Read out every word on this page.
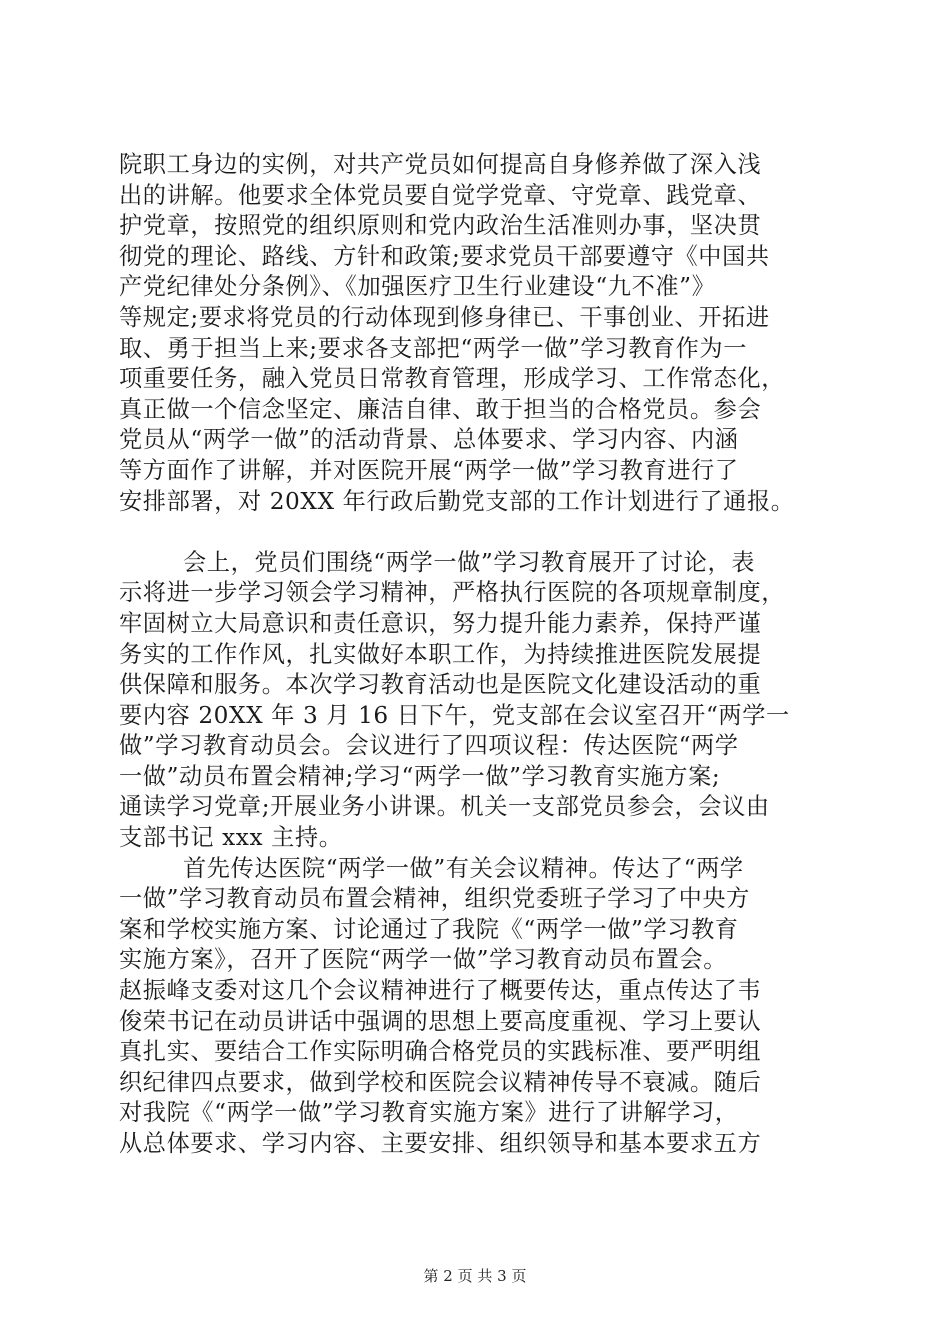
院职工身边的实例，对共产党员如何提高自身修养做了深入浅
出的讲解。他要求全体党员要自觉学党章、守党章、践党章、
护党章，按照党的组织原则和党内政治生活准则办事，坚决贯
彻党的理论、路线、方针和政策;要求党员干部要遵守《中国共
产党纪律处分条例》、《加强医疗卫生行业建设“九不准”》
等规定;要求将党员的行动体现到修身律已、干事创业、开拓进
取、勇于担当上来;要求各支部把“两学一做”学习教育作为一
项重要任务，融入党员日常教育管理，形成学习、工作常态化，
真正做一个信念坚定、廉洁自律、敢于担当的合格党员。参会
党员从“两学一做”的活动背景、总体要求、学习内容、内涵
等方面作了讲解，并对医院开展“两学一做”学习教育进行了
安排部署，对 20XX 年行政后勤党支部的工作计划进行了通报。
会上，党员们围绕“两学一做”学习教育展开了讨论，表
示将进一步学习领会学习精神，严格执行医院的各项规章制度，
牢固树立大局意识和责任意识，努力提升能力素养，保持严谨
务实的工作作风，扎实做好本职工作，为持续推进医院发展提
供保障和服务。本次学习教育活动也是医院文化建设活动的重
要内容 20XX 年 3 月 16 日下午，党支部在会议室召开“两学一
做”学习教育动员会。会议进行了四项议程：传达医院“两学
一做”动员布置会精神;学习“两学一做”学习教育实施方案;
通读学习党章;开展业务小讲课。机关一支部党员参会，会议由
支部书记 xxx 主持。
首先传达医院“两学一做”有关会议精神。传达了“两学
一做”学习教育动员布置会精神，组织党委班子学习了中央方
案和学校实施方案、讨论通过了我院《“两学一做”学习教育
实施方案》，召开了医院“两学一做”学习教育动员布置会。
赵振峰支委对这几个会议精神进行了概要传达，重点传达了韦
俊荣书记在动员讲话中强调的思想上要高度重视、学习上要认
真扎实、要结合工作实际明确合格党员的实践标准、要严明组
织纪律四点要求，做到学校和医院会议精神传导不衰减。随后
对我院《“两学一做”学习教育实施方案》进行了讲解学习，
从总体要求、学习内容、主要安排、组织领导和基本要求五方
第 2 页 共 3 页
